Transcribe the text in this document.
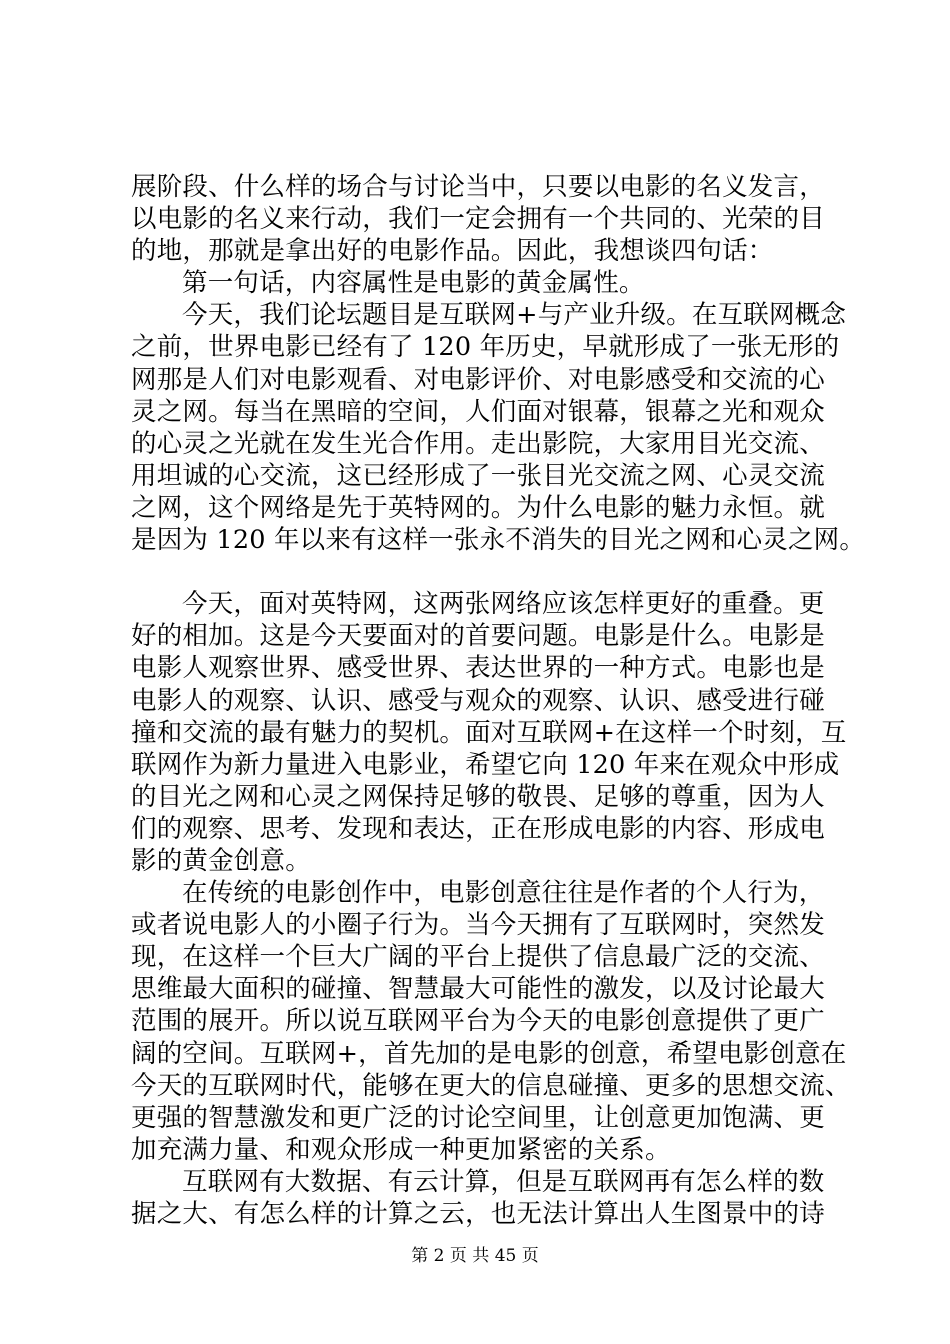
展阶段、什么样的场合与讨论当中，只要以电影的名义发言，
以电影的名义来行动，我们一定会拥有一个共同的、光荣的目
的地，那就是拿出好的电影作品。因此，我想谈四句话：
第一句话，内容属性是电影的黄金属性。
今天，我们论坛题目是互联网+与产业升级。在互联网概念
之前，世界电影已经有了 120 年历史，早就形成了一张无形的
网那是人们对电影观看、对电影评价、对电影感受和交流的心
灵之网。每当在黑暗的空间，人们面对银幕，银幕之光和观众
的心灵之光就在发生光合作用。走出影院，大家用目光交流、
用坦诚的心交流，这已经形成了一张目光交流之网、心灵交流
之网，这个网络是先于英特网的。为什么电影的魅力永恒。就
是因为 120 年以来有这样一张永不消失的目光之网和心灵之网。
今天，面对英特网，这两张网络应该怎样更好的重叠。更
好的相加。这是今天要面对的首要问题。电影是什么。电影是
电影人观察世界、感受世界、表达世界的一种方式。电影也是
电影人的观察、认识、感受与观众的观察、认识、感受进行碰
撞和交流的最有魅力的契机。面对互联网+在这样一个时刻，互
联网作为新力量进入电影业，希望它向 120 年来在观众中形成
的目光之网和心灵之网保持足够的敬畏、足够的尊重，因为人
们的观察、思考、发现和表达，正在形成电影的内容、形成电
影的黄金创意。
在传统的电影创作中，电影创意往往是作者的个人行为，
或者说电影人的小圈子行为。当今天拥有了互联网时，突然发
现，在这样一个巨大广阔的平台上提供了信息最广泛的交流、
思维最大面积的碰撞、智慧最大可能性的激发，以及讨论最大
范围的展开。所以说互联网平台为今天的电影创意提供了更广
阔的空间。互联网+，首先加的是电影的创意，希望电影创意在
今天的互联网时代，能够在更大的信息碰撞、更多的思想交流、
更强的智慧激发和更广泛的讨论空间里，让创意更加饱满、更
加充满力量、和观众形成一种更加紧密的关系。
互联网有大数据、有云计算，但是互联网再有怎么样的数
据之大、有怎么样的计算之云，也无法计算出人生图景中的诗
第 2 页 共 45 页
